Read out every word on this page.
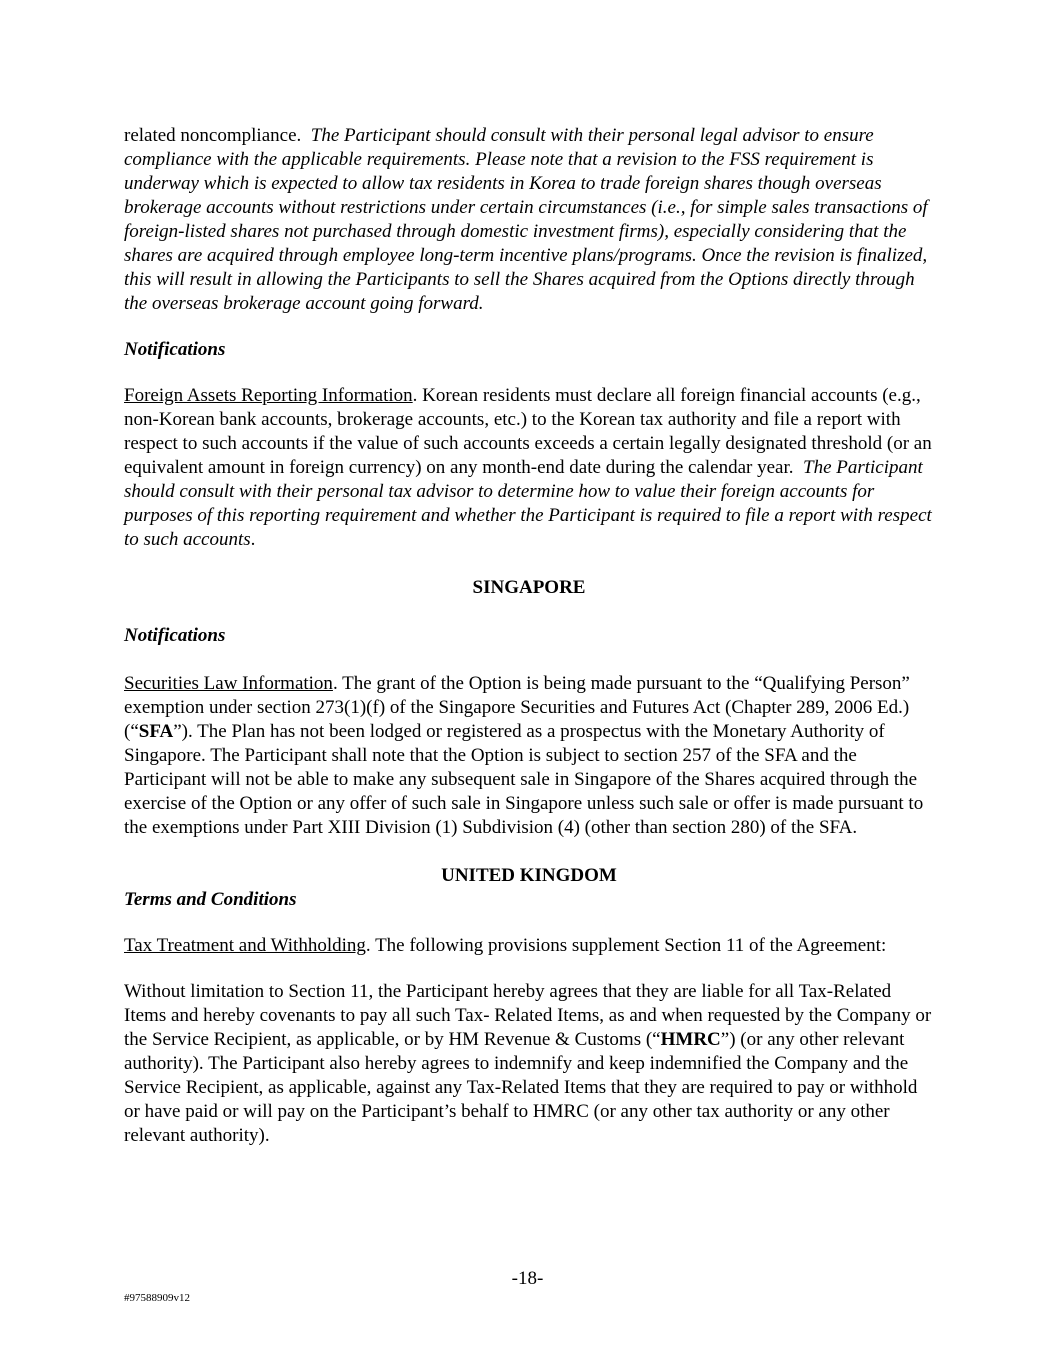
related noncompliance. The Participant should consult with their personal legal advisor to ensure compliance with the applicable requirements. Please note that a revision to the FSS requirement is underway which is expected to allow tax residents in Korea to trade foreign shares though overseas brokerage accounts without restrictions under certain circumstances (i.e., for simple sales transactions of foreign-listed shares not purchased through domestic investment firms), especially considering that the shares are acquired through employee long-term incentive plans/programs. Once the revision is finalized, this will result in allowing the Participants to sell the Shares acquired from the Options directly through the overseas brokerage account going forward.

Notifications

Foreign Assets Reporting Information. Korean residents must declare all foreign financial accounts (e.g., non-Korean bank accounts, brokerage accounts, etc.) to the Korean tax authority and file a report with respect to such accounts if the value of such accounts exceeds a certain legally designated threshold (or an equivalent amount in foreign currency) on any month-end date during the calendar year. The Participant should consult with their personal tax advisor to determine how to value their foreign accounts for purposes of this reporting requirement and whether the Participant is required to file a report with respect to such accounts.

SINGAPORE

Notifications

Securities Law Information. The grant of the Option is being made pursuant to the “Qualifying Person” exemption under section 273(1)(f) of the Singapore Securities and Futures Act (Chapter 289, 2006 Ed.) (“SFA”). The Plan has not been lodged or registered as a prospectus with the Monetary Authority of Singapore. The Participant shall note that the Option is subject to section 257 of the SFA and the Participant will not be able to make any subsequent sale in Singapore of the Shares acquired through the exercise of the Option or any offer of such sale in Singapore unless such sale or offer is made pursuant to the exemptions under Part XIII Division (1) Subdivision (4) (other than section 280) of the SFA.

UNITED KINGDOM

Terms and Conditions

Tax Treatment and Withholding. The following provisions supplement Section 11 of the Agreement:

Without limitation to Section 11, the Participant hereby agrees that they are liable for all Tax-Related Items and hereby covenants to pay all such Tax- Related Items, as and when requested by the Company or the Service Recipient, as applicable, or by HM Revenue & Customs (“HMRC”) (or any other relevant authority). The Participant also hereby agrees to indemnify and keep indemnified the Company and the Service Recipient, as applicable, against any Tax-Related Items that they are required to pay or withhold or have paid or will pay on the Participant’s behalf to HMRC (or any other tax authority or any other relevant authority).

-18-
#97588909v12
